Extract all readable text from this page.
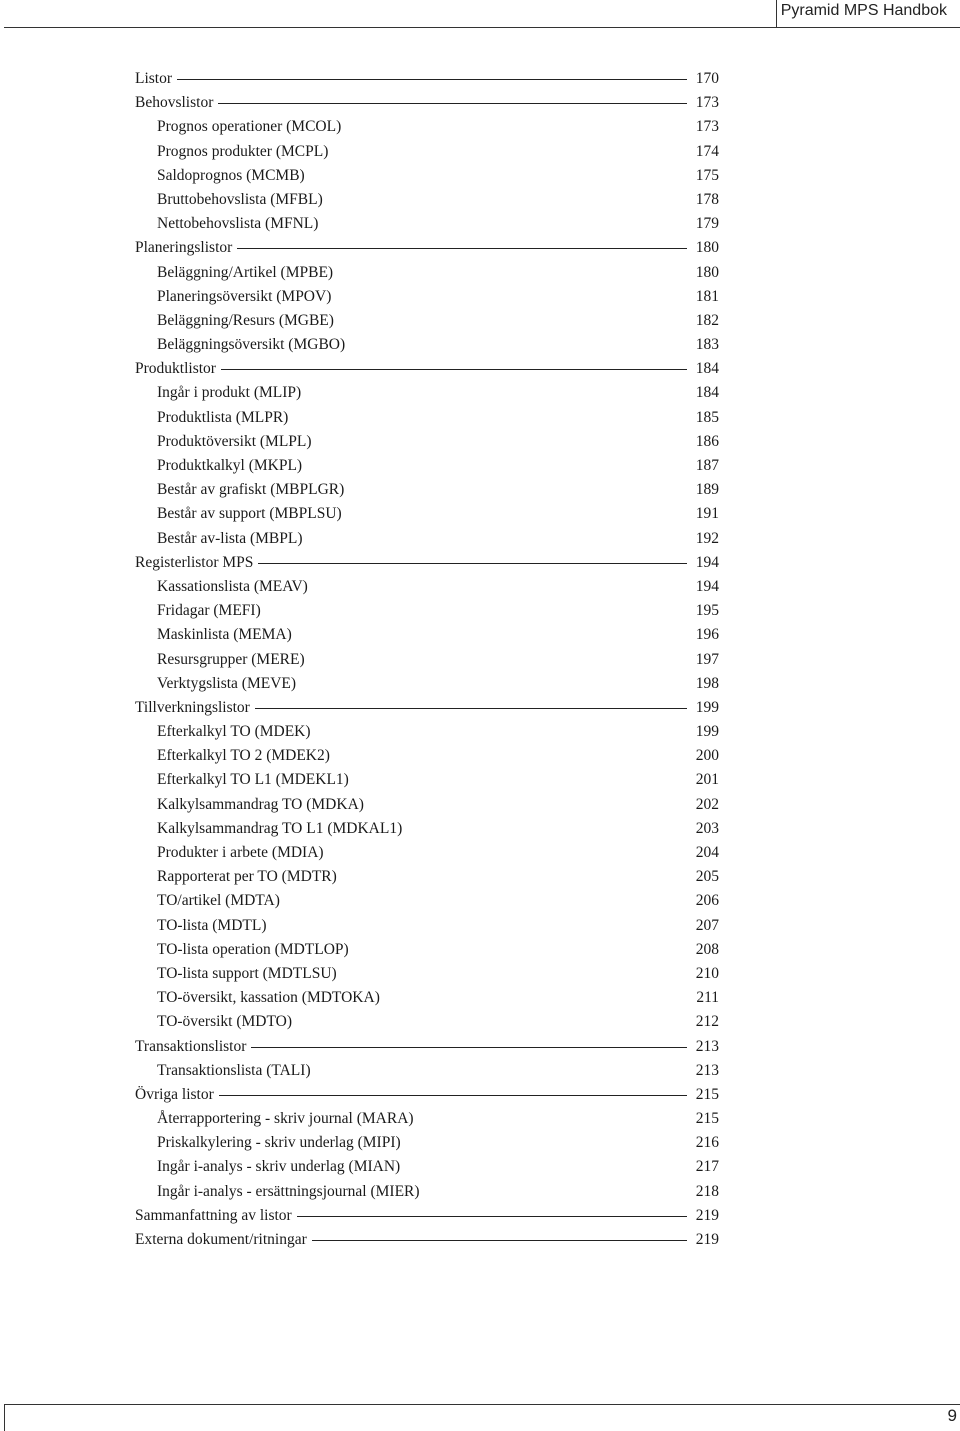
Pyramid MPS Handbok
Listor	170
Behovslistor	173
Prognos operationer (MCOL)	173
Prognos produkter (MCPL)	174
Saldoprognos (MCMB)	175
Bruttobehovslista (MFBL)	178
Nettobehovslista (MFNL)	179
Planeringslistor	180
Beläggning/Artikel (MPBE)	180
Planeringsöversikt (MPOV)	181
Beläggning/Resurs (MGBE)	182
Beläggningsöversikt (MGBO)	183
Produktlistor	184
Ingår i produkt (MLIP)	184
Produktlista (MLPR)	185
Produktöversikt (MLPL)	186
Produktkalkyl (MKPL)	187
Består av grafiskt (MBPLGR)	189
Består av support (MBPLSU)	191
Består av-lista (MBPL)	192
Registerlistor MPS	194
Kassationslista (MEAV)	194
Fridagar (MEFI)	195
Maskinlista (MEMA)	196
Resursgrupper (MERE)	197
Verktygslista (MEVE)	198
Tillverkningslistor	199
Efterkalkyl TO (MDEK)	199
Efterkalkyl TO 2 (MDEK2)	200
Efterkalkyl TO L1 (MDEKL1)	201
Kalkylsammandrag TO (MDKA)	202
Kalkylsammandrag TO L1 (MDKAL1)	203
Produkter i arbete (MDIA)	204
Rapporterat per TO (MDTR)	205
TO/artikel (MDTA)	206
TO-lista (MDTL)	207
TO-lista operation (MDTLOP)	208
TO-lista support (MDTLSU)	210
TO-översikt, kassation (MDTOKA)	211
TO-översikt (MDTO)	212
Transaktionslistor	213
Transaktionslista (TALI)	213
Övriga listor	215
Återrapportering - skriv journal (MARA)	215
Priskalkylering - skriv underlag (MIPI)	216
Ingår i-analys - skriv underlag (MIAN)	217
Ingår i-analys - ersättningsjournal (MIER)	218
Sammanfattning av listor	219
Externa dokument/ritningar	219
9
